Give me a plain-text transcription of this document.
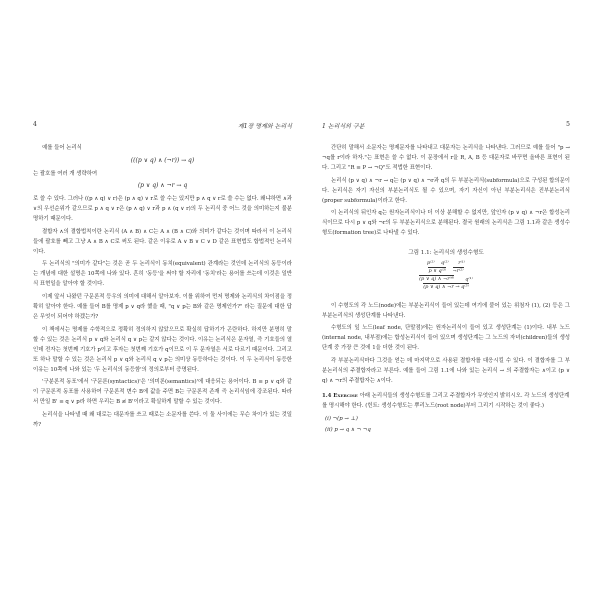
4	제1장 명제와 논리식

예를 들어 논리식

(((p ∨ q) ∧ (¬r)) → q)

는 괄호를 여러 개 생략하여

(p ∨ q) ∧ ¬r → q

로 쓸 수 있다. 그러나 ((p ∧ q) ∨ r)은 (p ∧ q) ∨ r로 쓸 수는 있지만 p ∧ q ∨ r로 쓸 수는 없다. 왜냐하면 ∧과 ∨의 우선순위가 같으므로 p ∧ q ∨ r은 (p ∧ q) ∨ r과 p ∧ (q ∨ r)의 두 논리식 중 어느 것을 의미하는지 불분명하기 때문이다.

결합자 ∧의 결합법칙이란 논리식 (A ∧ B) ∧ C는 A ∧ (B ∧ C)와 의미가 같다는 것이며 따라서 이 논리식들에 괄호를 빼고 그냥 A ∧ B ∧ C로 써도 된다. 같은 이유로 A ∨ B ∨ C ∨ D 같은 표현법도 합법적인 논리식이다.

두 논리식의 "의미가 같다"는 것은 곧 두 논리식이 동치(equivalent) 관계라는 것인데 논리식의 동등이라는 개념에 대한 설명은 10쪽에 나와 있다. 흔히 '동등'을 써야 할 자리에 '동치'라는 용어를 쓰는데 이것은 일반식 표현일을 알아야 할 것이다.

이제 앞서 나왔던 구문론적 등우의 의미에 대해서 알아보자. 이를 위하여 먼저 명제와 논리식의 차이점을 정확히 알아야 한다. 예를 들어 B를 명제 p ∨ q라 했을 때, "q ∨ p는 B와 같은 명제인가?" 라는 질문에 대한 답은 무엇이 되어야 하겠는가?

이 책에서는 명제를 수학적으로 정확히 정의하지 않았으므로 확실히 답하기가 곤란하다. 하지만 분명히 말할 수 있는 것은 논리식 p ∨ q와 논리식 q ∨ p는 같지 않다는 것이다. 이유는 논리식은 문자열, 즉 기호들의 열인데 전자는 첫번째 기호가 p이고 후자는 첫번째 기호가 q이므로 이 두 문자열은 서로 다르기 때문이다. 그리고 또 하나 말할 수 있는 것은 논리식 p ∨ q와 논리식 q ∨ p는 의미상 동등하다는 것이다. 이 두 논리식이 동등한 이유는 10쪽에 나와 있는 '두 논리식의 동등함'의 정의로부터 증명된다.

'구분론적 동포'에서 '구문론(syntactics)'은 '의미론(semantics)'에 대응되는 용어이다. B ≡ p ∨ q와 같이 구문론적 동포를 사용하여 구문론적 변수 B에 값을 주면 B는 구문론적 존재 즉 논리식임에 강조된다. 따라서 만일 B' ≡ q ∨ p라 하면 우리는 B ≢ B'이라고 확실하게 말할 수 있는 것이다.

논리식을 나타낼 때 왜 대로는 대문자를 쓰고 때로는 소문자를 쓴다. 이 둘 사이에는 무슨 차이가 있는 것일까?

1 논리식의 구분	5

간단히 말해서 소문자는 명제문자를 나타내고 대문자는 논리식을 나타낸다. 그러므로 예를 들어 "p → ¬q를 r이라 하자."는 표현은 쓸 수 없다. 이 문장에서 r을 R, A, B 등 대문자로 바꾸면 올바른 표현이 된다. 그리고 "R ≡ P → ¬Q"도 적법한 표현이다.

논리식 (p ∨ q) ∧ ¬r → q는 (p ∨ q) ∧ ¬r과 q의 두 부분논리식(subformula)으로 구성된 합의문이다. 논리식은 자기 자신의 부분논리식도 될 수 있으며, 자기 자신이 아닌 부분논리식은 진부분논리식(proper subformula)이라고 한다.

이 논리식의 뒤인자 q는 원자논리식이나 더 이상 분해할 수 없지만, 앞인자 (p ∨ q) ∧ ¬r은 합성논리식이므로 다시 p ∨ q와 ¬r의 두 부분논리식으로 분해된다. 결국 원래의 논리식은 그림 1.1과 같은 생성수형도(formation tree)로 나타낼 수 있다.

그림 1.1: 논리식의 생성수형도
p⁽²⁾ q⁽²⁾ r⁽¹⁾
p ∨ q⁽³⁾ ¬r⁽²⁾
(p ∨ q) ∧ ¬r⁽⁴⁾ q⁽¹⁾
(p ∨ q) ∧ ¬r → q⁽⁵⁾

이 수형도의 각 노드(node)에는 부분논리식이 들어 있는데 여기에 붙어 있는 위첨자 (1), (2) 등은 그 부분논리식의 생성단계를 나타낸다.

수형도의 잎 노드(leaf node, 단말점)에는 원자논리식이 들어 있고 생성단계는 (1)이다. 내부 노드(internal node, 내부점)에는 합성논리식이 들어 있으며 생성단계는 그 노드의 자녀(children)들의 생성단계 중 가장 큰 것에 1을 더한 것이 된다.

각 부분논리식마다 그것을 얻는 데 마지막으로 사용된 결합자를 대응시킬 수 있다. 이 결합자를 그 부분논리식의 주결합자라고 부른다. 예를 들어 그림 1.1에 나와 있는 논리식 → 의 주결합자는 ∧이고 (p ∨ q) ∧ ¬r의 주결합자는 ∧이다.

1.4 Exercise 아래 논리식들의 생성수형도를 그리고 주결합자가 무엇인지 밝히시오. 각 노드의 생성단계를 명시해야 한다. (힌트: 생성수형도는 뿌리노드(root node)부터 그리기 시작하는 것이 좋다.)
(i) ¬(p → ⊥)
(ii) p → q ∧ ¬ ¬q
